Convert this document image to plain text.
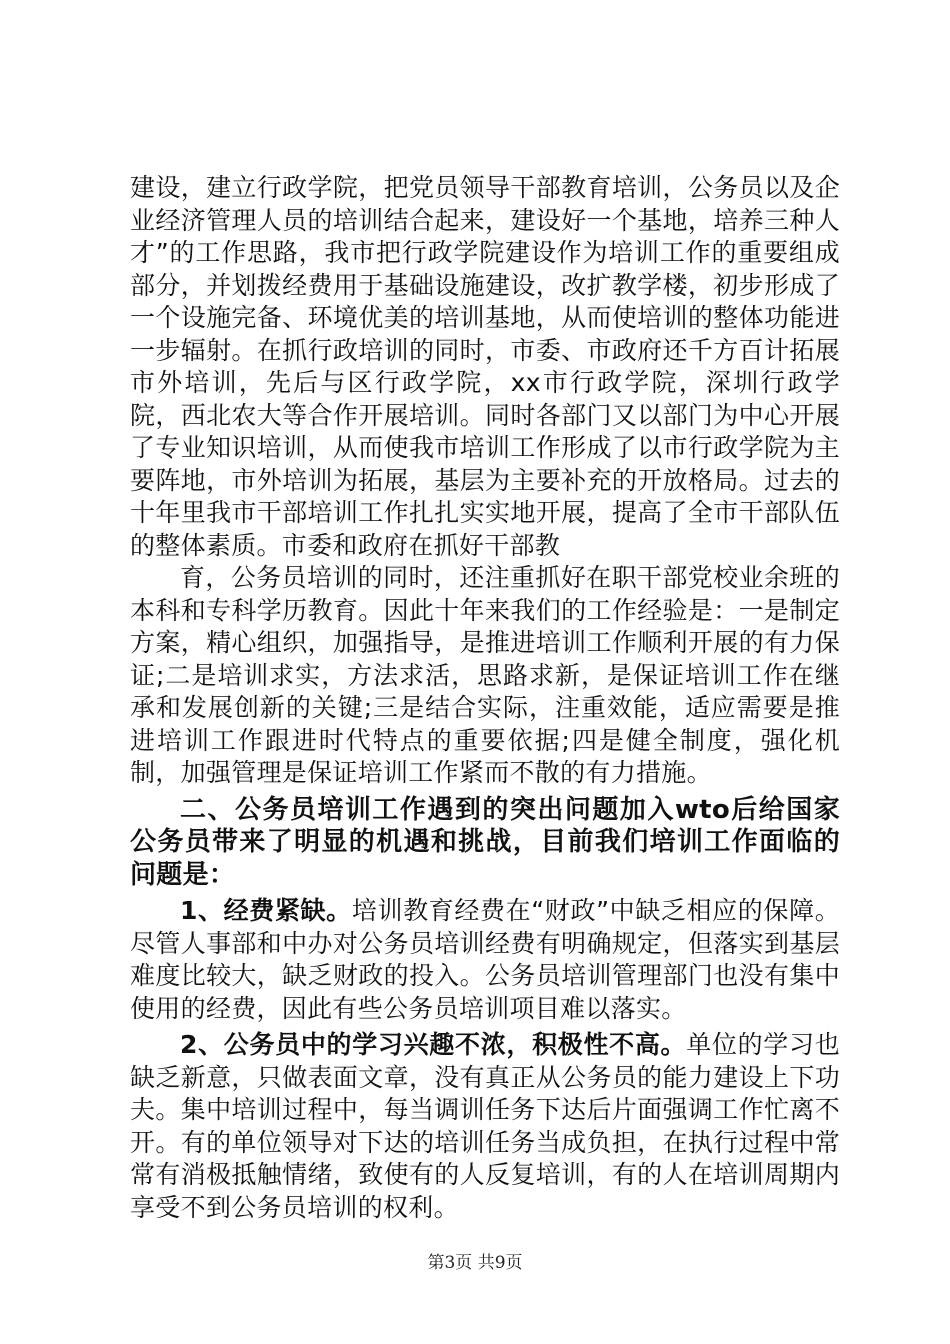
建设，建立行政学院，把党员领导干部教育培训，公务员以及企业经济管理人员的培训结合起来，建设好一个基地，培养三种人才”的工作思路，我市把行政学院建设作为培训工作的重要组成部分，并划拨经费用于基础设施建设，改扩教学楼，初步形成了一个设施完备、环境优美的培训基地，从而使培训的整体功能进一步辐射。在抓行政培训的同时，市委、市政府还千方百计拓展市外培训，先后与区行政学院，xx市行政学院，深圳行政学院，西北农大等合作开展培训。同时各部门又以部门为中心开展了专业知识培训，从而使我市培训工作形成了以市行政学院为主要阵地，市外培训为拓展，基层为主要补充的开放格局。过去的十年里我市干部培训工作扎扎实实地开展，提高了全市干部队伍的整体素质。市委和政府在抓好干部教

育，公务员培训的同时，还注重抓好在职干部党校业余班的本科和专科学历教育。因此十年来我们的工作经验是：一是制定方案，精心组织，加强指导，是推进培训工作顺利开展的有力保证;二是培训求实，方法求活，思路求新，是保证培训工作在继承和发展创新的关键;三是结合实际，注重效能，适应需要是推进培训工作跟进时代特点的重要依据;四是健全制度，强化机制，加强管理是保证培训工作紧而不散的有力措施。

二、公务员培训工作遇到的突出问题加入wto后给国家公务员带来了明显的机遇和挑战，目前我们培训工作面临的问题是：

1、经费紧缺。培训教育经费在“财政”中缺乏相应的保障。尽管人事部和中办对公务员培训经费有明确规定，但落实到基层难度比较大，缺乏财政的投入。公务员培训管理部门也没有集中使用的经费，因此有些公务员培训项目难以落实。

2、公务员中的学习兴趣不浓，积极性不高。单位的学习也缺乏新意，只做表面文章，没有真正从公务员的能力建设上下功夫。集中培训过程中，每当调训任务下达后片面强调工作忙离不开。有的单位领导对下达的培训任务当成负担，在执行过程中常常有消极抵触情绪，致使有的人反复培训，有的人在培训周期内享受不到公务员培训的权利。

第3页 共9页
